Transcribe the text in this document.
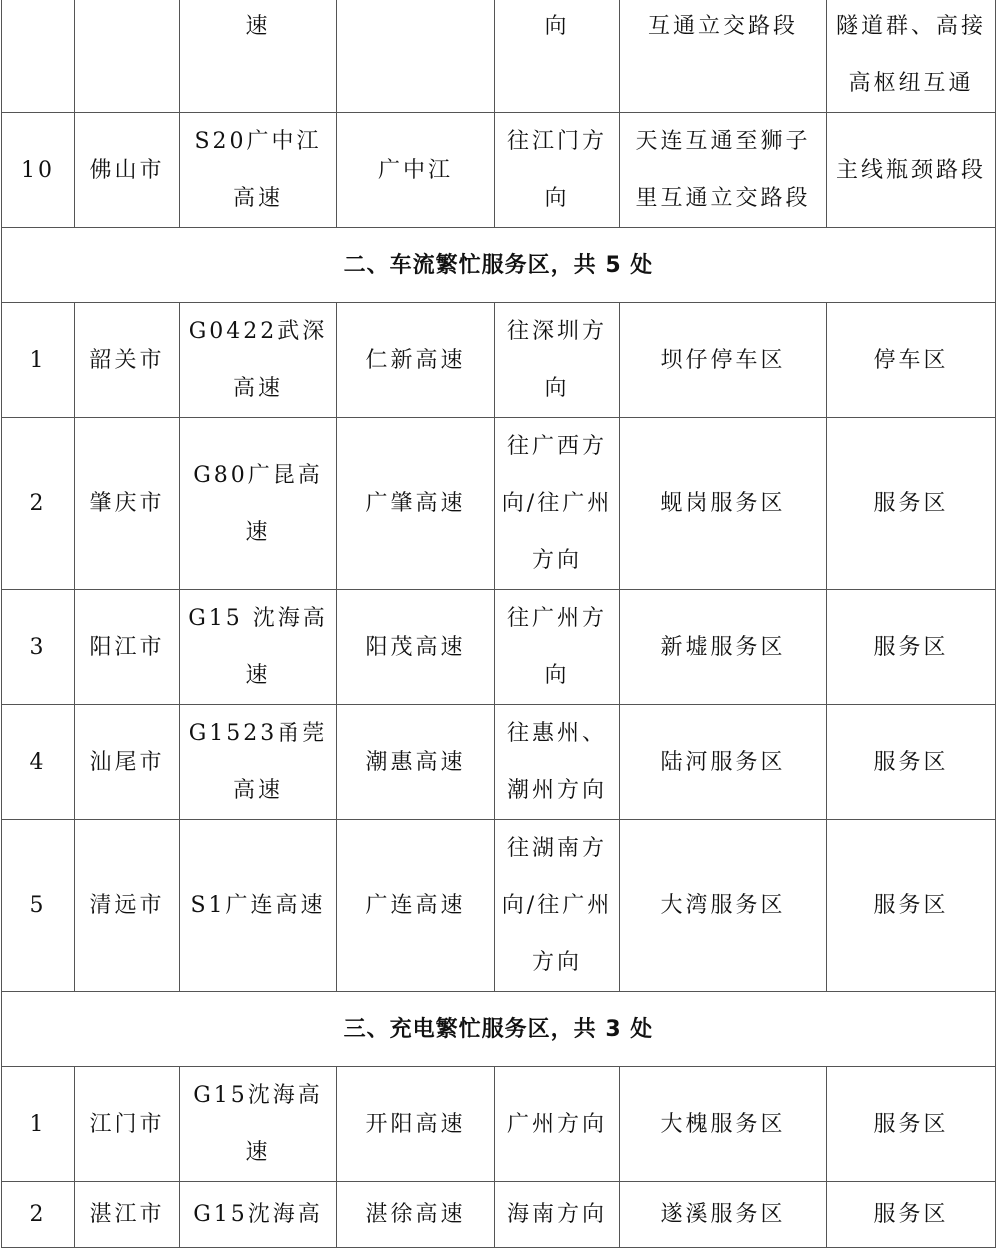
		速		向	互通立交路段	隧道群、高接高枢纽互通
10	佛山市	S20广中江高速	广中江	往江门方向	天连互通至狮子里互通立交路段	主线瓶颈路段
二、车流繁忙服务区，共 5 处						
1	韶关市	G0422武深高速	仁新高速	往深圳方向	坝仔停车区	停车区
2	肇庆市	G80广昆高速	广肇高速	往广西方向/往广州方向	蚬岗服务区	服务区
3	阳江市	G15 沈海高速	阳茂高速	往广州方向	新墟服务区	服务区
4	汕尾市	G1523甬莞高速	潮惠高速	往惠州、潮州方向	陆河服务区	服务区
5	清远市	S1广连高速	广连高速	往湖南方向/往广州方向	大湾服务区	服务区
三、充电繁忙服务区，共 3 处						
1	江门市	G15沈海高速	开阳高速	广州方向	大槐服务区	服务区
2	湛江市	G15沈海高	湛徐高速	海南方向	遂溪服务区	服务区
